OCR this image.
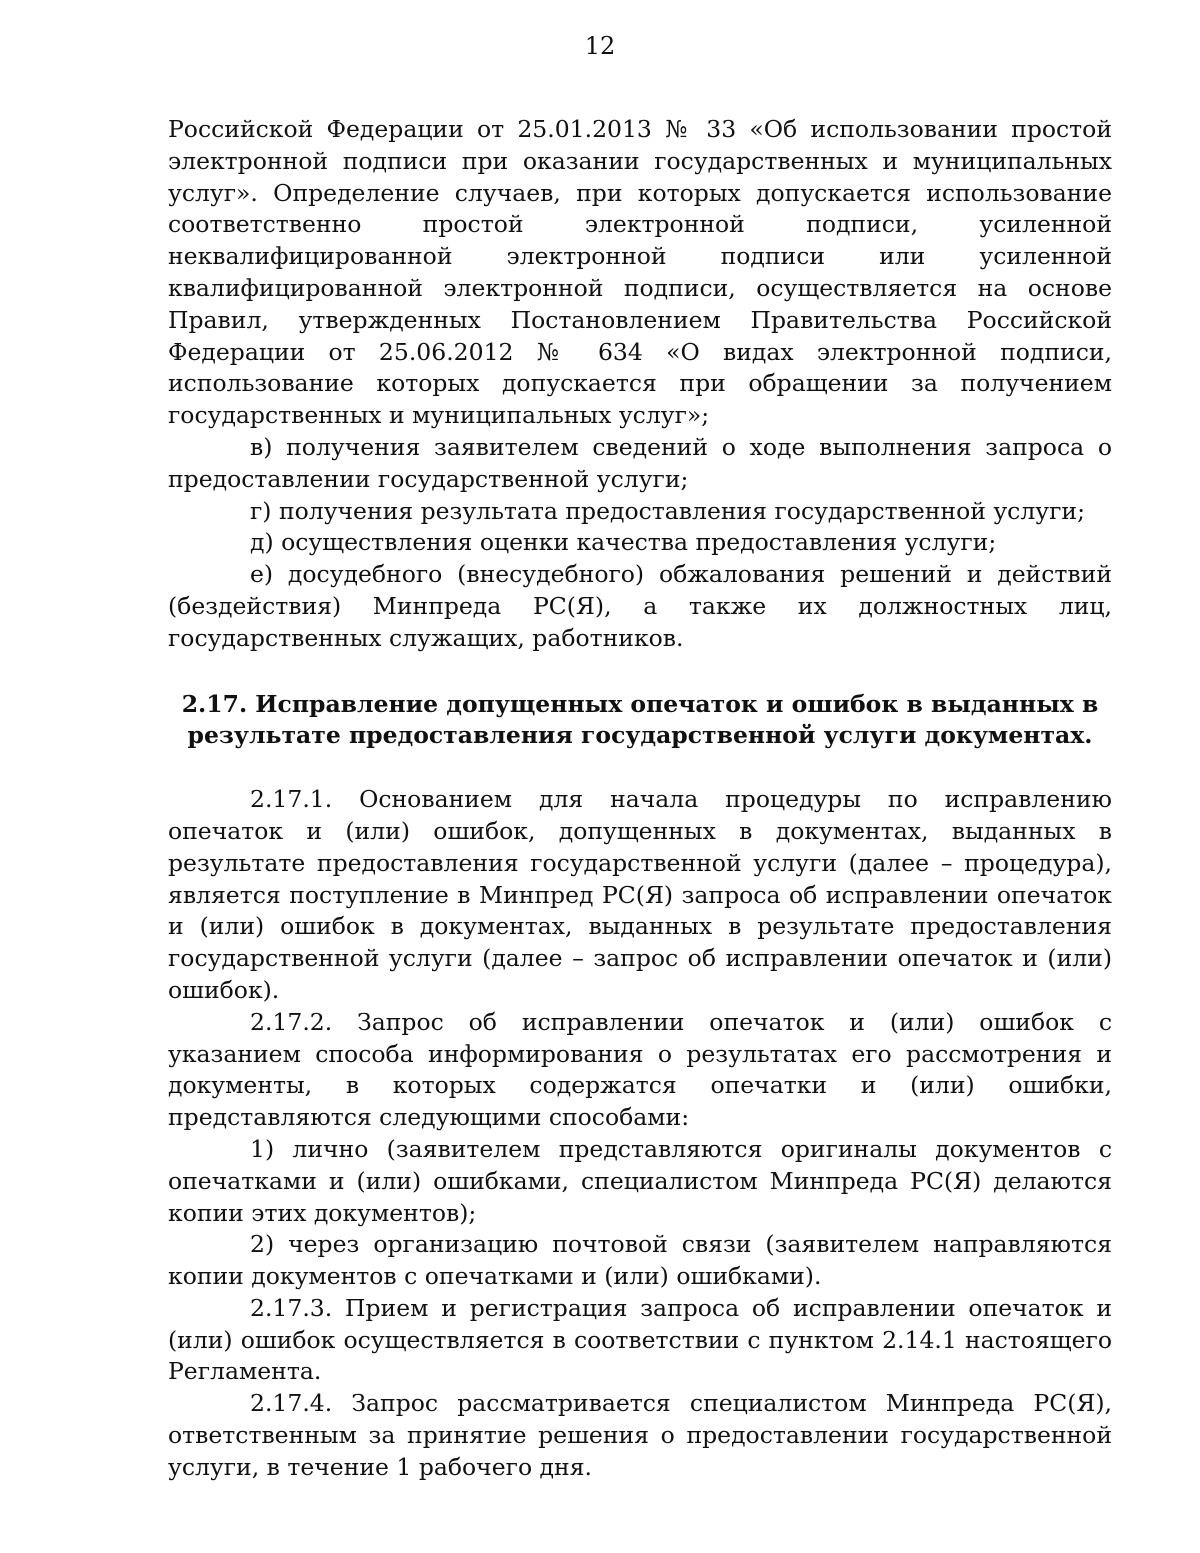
12

Российской Федерации от 25.01.2013 № 33 «Об использовании простой электронной подписи при оказании государственных и муниципальных услуг». Определение случаев, при которых допускается использование соответственно простой электронной подписи, усиленной неквалифицированной электронной подписи или усиленной квалифицированной электронной подписи, осуществляется на основе Правил, утвержденных Постановлением Правительства Российской Федерации от 25.06.2012 № 634 «О видах электронной подписи, использование которых допускается при обращении за получением государственных и муниципальных услуг»;

в) получения заявителем сведений о ходе выполнения запроса о предоставлении государственной услуги;

г) получения результата предоставления государственной услуги;

д) осуществления оценки качества предоставления услуги;

е) досудебного (внесудебного) обжалования решений и действий (бездействия) Минпреда РС(Я), а также их должностных лиц, государственных служащих, работников.

2.17. Исправление допущенных опечаток и ошибок в выданных в
результате предоставления государственной услуги документах.

2.17.1. Основанием для начала процедуры по исправлению опечаток и (или) ошибок, допущенных в документах, выданных в результате предоставления государственной услуги (далее – процедура), является поступление в Минпред РС(Я) запроса об исправлении опечаток и (или) ошибок в документах, выданных в результате предоставления государственной услуги (далее – запрос об исправлении опечаток и (или) ошибок).

2.17.2. Запрос об исправлении опечаток и (или) ошибок с указанием способа информирования о результатах его рассмотрения и документы, в которых содержатся опечатки и (или) ошибки, представляются следующими способами:

1) лично (заявителем представляются оригиналы документов с опечатками и (или) ошибками, специалистом Минпреда РС(Я) делаются копии этих документов);

2) через организацию почтовой связи (заявителем направляются копии документов с опечатками и (или) ошибками).

2.17.3. Прием и регистрация запроса об исправлении опечаток и (или) ошибок осуществляется в соответствии с пунктом 2.14.1 настоящего Регламента.

2.17.4. Запрос рассматривается специалистом Минпреда РС(Я), ответственным за принятие решения о предоставлении государственной услуги, в течение 1 рабочего дня.
